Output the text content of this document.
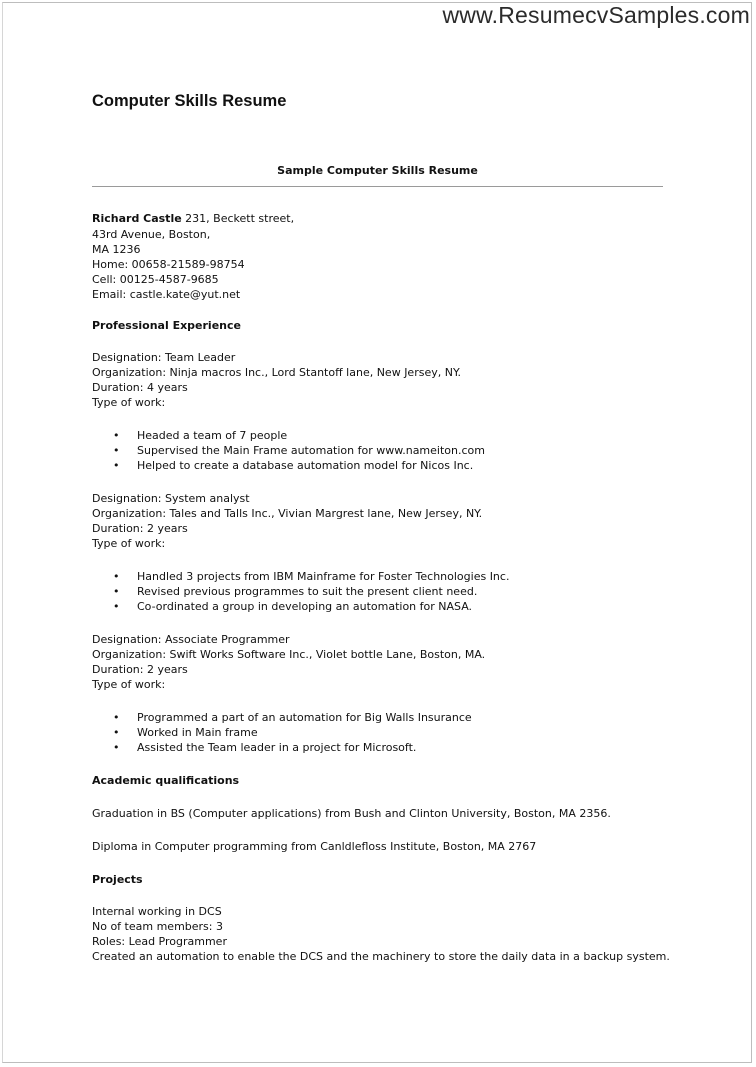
www.ResumecvSamples.com
Computer Skills Resume
Sample Computer Skills Resume
Richard Castle 231, Beckett street,
43rd Avenue, Boston,
MA 1236
Home: 00658-21589-98754
Cell: 00125-4587-9685
Email: castle.kate@yut.net
Professional Experience
Designation: Team Leader
Organization: Ninja macros Inc., Lord Stantoff lane, New Jersey, NY.
Duration: 4 years
Type of work:
• Headed a team of 7 people
• Supervised the Main Frame automation for www.nameiton.com
• Helped to create a database automation model for Nicos Inc.
Designation: System analyst
Organization: Tales and Talls Inc., Vivian Margrest lane, New Jersey, NY.
Duration: 2 years
Type of work:
• Handled 3 projects from IBM Mainframe for Foster Technologies Inc.
• Revised previous programmes to suit the present client need.
• Co-ordinated a group in developing an automation for NASA.
Designation: Associate Programmer
Organization: Swift Works Software Inc., Violet bottle Lane, Boston, MA.
Duration: 2 years
Type of work:
• Programmed a part of an automation for Big Walls Insurance
• Worked in Main frame
• Assisted the Team leader in a project for Microsoft.
Academic qualifications
Graduation in BS (Computer applications) from Bush and Clinton University, Boston, MA 2356.
Diploma in Computer programming from Canldlefloss Institute, Boston, MA 2767
Projects
Internal working in DCS
No of team members: 3
Roles: Lead Programmer
Created an automation to enable the DCS and the machinery to store the daily data in a backup system.
